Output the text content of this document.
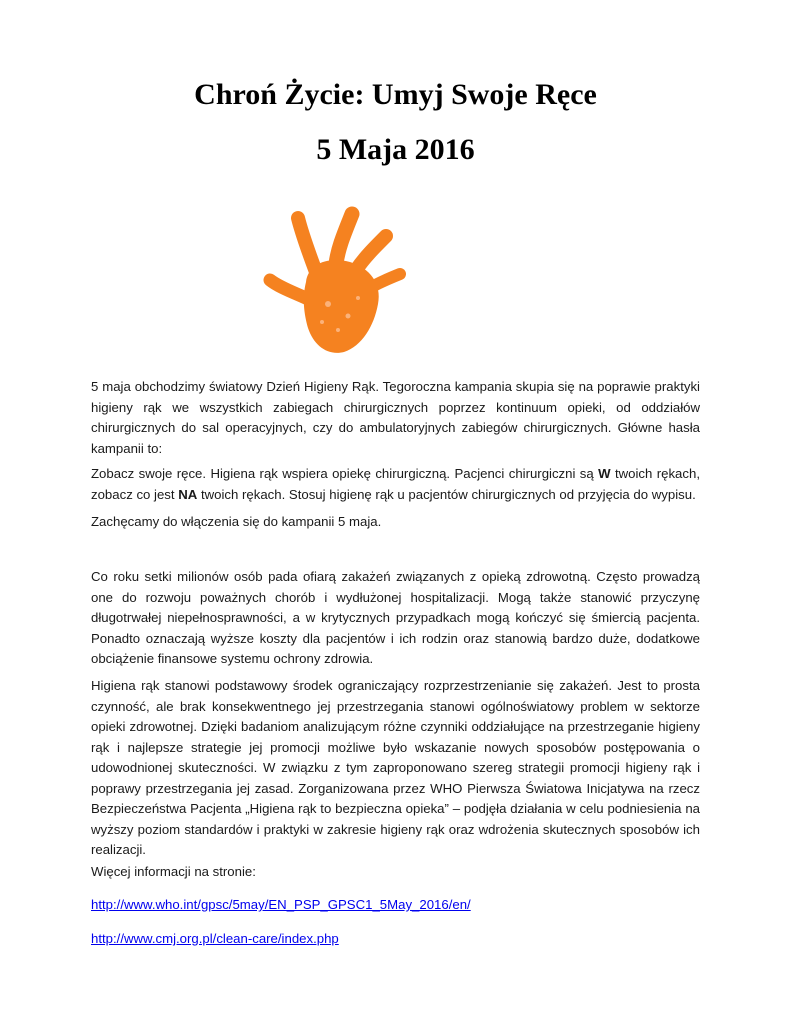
Chroń Życie: Umyj Swoje Ręce
5 Maja 2016

5 maja obchodzimy światowy Dzień Higieny Rąk. Tegoroczna kampania skupia się na poprawie praktyki higieny rąk we wszystkich zabiegach chirurgicznych poprzez kontinuum opieki, od oddziałów chirurgicznych do sal operacyjnych, czy do ambulatoryjnych zabiegów chirurgicznych. Główne hasła kampanii to:

Zobacz swoje ręce. Higiena rąk wspiera opiekę chirurgiczną. Pacjenci chirurgiczni są W twoich rękach, zobacz co jest NA twoich rękach. Stosuj higienę rąk u pacjentów chirurgicznych od przyjęcia do wypisu.

Zachęcamy do włączenia się do kampanii 5 maja.

Co roku setki milionów osób pada ofiarą zakażeń związanych z opieką zdrowotną. Często prowadzą one do rozwoju poważnych chorób i wydłużonej hospitalizacji. Mogą także stanowić przyczynę długotrwałej niepełnosprawności, a w krytycznych przypadkach mogą kończyć się śmiercią pacjenta. Ponadto oznaczają wyższe koszty dla pacjentów i ich rodzin oraz stanowią bardzo duże, dodatkowe obciążenie finansowe systemu ochrony zdrowia.

Higiena rąk stanowi podstawowy środek ograniczający rozprzestrzenianie się zakażeń. Jest to prosta czynność, ale brak konsekwentnego jej przestrzegania stanowi ogólnoświatowy problem w sektorze opieki zdrowotnej. Dzięki badaniom analizującym różne czynniki oddziałujące na przestrzeganie higieny rąk i najlepsze strategie jej promocji możliwe było wskazanie nowych sposobów postępowania o udowodnionej skuteczności. W związku z tym zaproponowano szereg strategii promocji higieny rąk i poprawy przestrzegania jej zasad. Zorganizowana przez WHO Pierwsza Światowa Inicjatywa na rzecz Bezpieczeństwa Pacjenta „Higiena rąk to bezpieczna opieka” – podjęła działania w celu podniesienia na wyższy poziom standardów i praktyki w zakresie higieny rąk oraz wdrożenia skutecznych sposobów ich realizacji.

Więcej informacji na stronie:

http://www.who.int/gpsc/5may/EN_PSP_GPSC1_5May_2016/en/
http://www.cmj.org.pl/clean-care/index.php
